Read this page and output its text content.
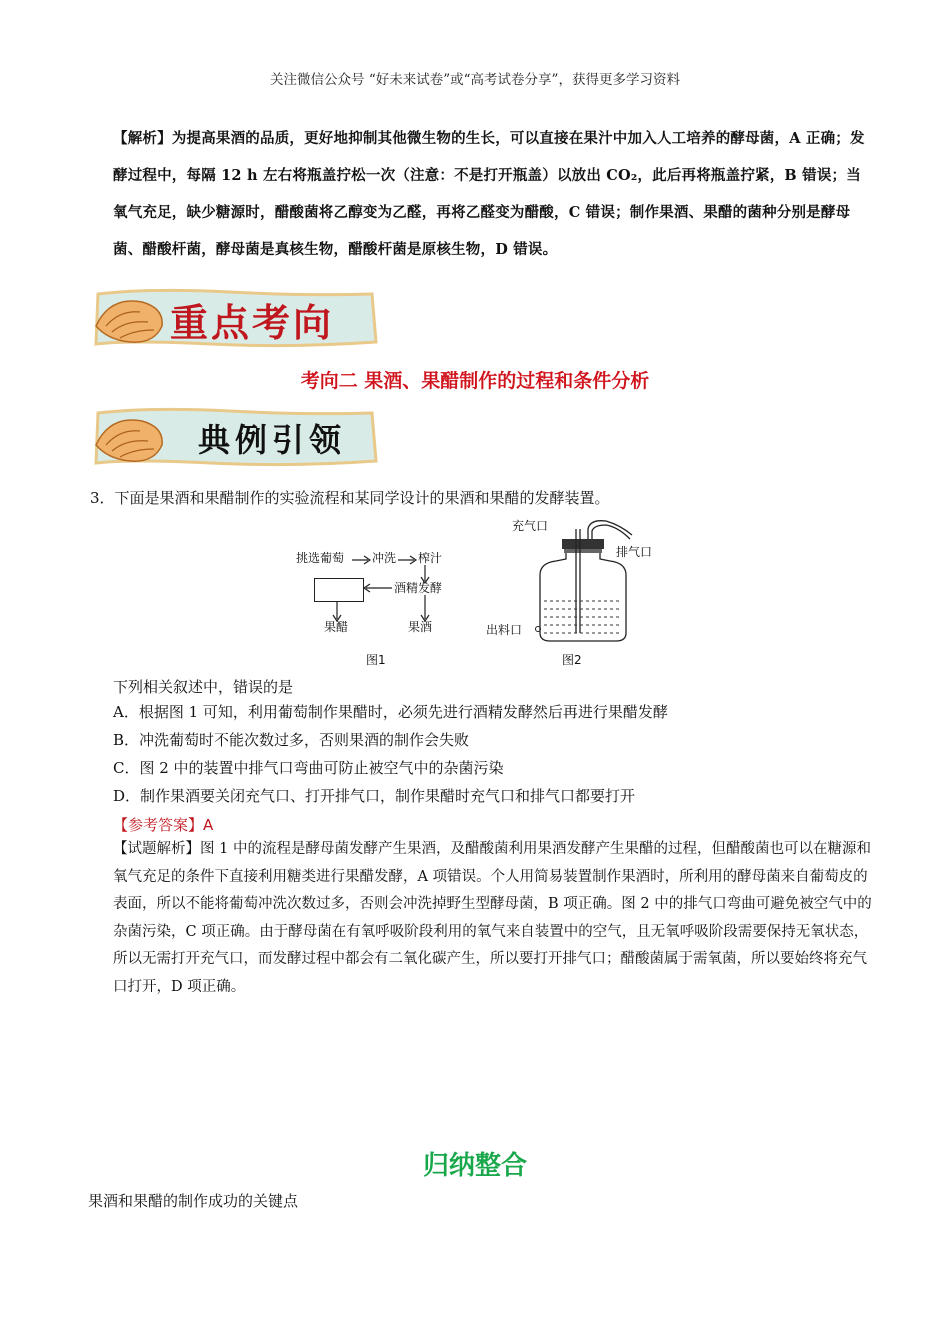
关注微信公众号 “好未来试卷”或“高考试卷分享”，获得更多学习资料
【解析】为提高果酒的品质，更好地抑制其他微生物的生长，可以直接在果汁中加入人工培养的酵母菌，A 正确；发酵过程中，每隔 12 h 左右将瓶盖拧松一次（注意：不是打开瓶盖）以放出 CO₂，此后再将瓶盖拧紧，B 错误；当氧气充足，缺少糖源时，醋酸菌将乙醇变为乙醛，再将乙醛变为醋酸，C 错误；制作果酒、果醋的菌种分别是酵母菌、醋酸杆菌，酵母菌是真核生物，醋酸杆菌是原核生物，D 错误。
重点考向
考向二 果酒、果醋制作的过程和条件分析
典例引领
3．下面是果酒和果醋制作的实验流程和某同学设计的果酒和果醋的发酵装置。
挑选葡萄 冲洗 榨汁
酒精发酵
果醋	果酒
图1
充气口
排气口
出料口
图2
下列相关叙述中，错误的是
A．根据图 1 可知，利用葡萄制作果醋时，必须先进行酒精发酵然后再进行果醋发酵
B．冲洗葡萄时不能次数过多，否则果酒的制作会失败
C．图 2 中的装置中排气口弯曲可防止被空气中的杂菌污染
D．制作果酒要关闭充气口、打开排气口，制作果醋时充气口和排气口都要打开
【参考答案】A
【试题解析】图 1 中的流程是酵母菌发酵产生果酒，及醋酸菌利用果酒发酵产生果醋的过程，但醋酸菌也可以在糖源和氧气充足的条件下直接利用糖类进行果醋发酵，A 项错误。个人用简易装置制作果酒时，所利用的酵母菌来自葡萄皮的表面，所以不能将葡萄冲洗次数过多，否则会冲洗掉野生型酵母菌，B 项正确。图 2 中的排气口弯曲可避免被空气中的杂菌污染，C 项正确。由于酵母菌在有氧呼吸阶段利用的氧气来自装置中的空气，且无氧呼吸阶段需要保持无氧状态，所以无需打开充气口，而发酵过程中都会有二氧化碳产生，所以要打开排气口；醋酸菌属于需氧菌，所以要始终将充气口打开，D 项正确。
归纳整合
果酒和果醋的制作成功的关键点
